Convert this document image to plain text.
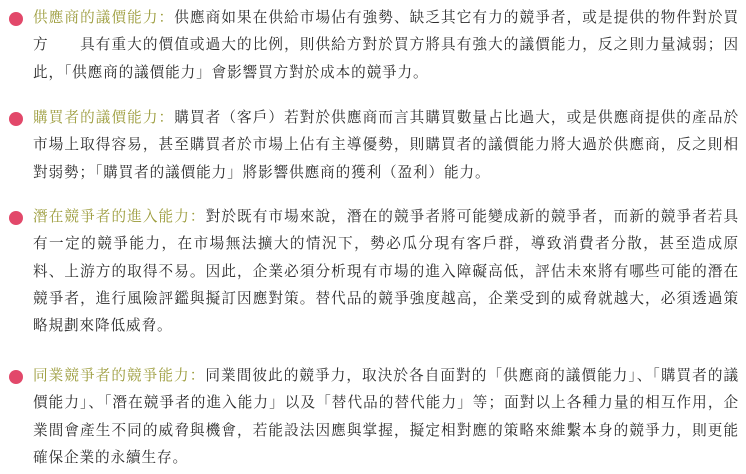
供應商的議價能力：供應商如果在供給市場佔有強勢、缺乏其它有力的競爭者，或是提供的物件對於買方　　具有重大的價值或過大的比例，則供給方對於買方將具有強大的議價能力，反之則力量減弱；因此，「供應商的議價能力」會影響買方對於成本的競爭力。

購買者的議價能力：購買者（客戶）若對於供應商而言其購買數量占比過大，或是供應商提供的產品於市場上取得容易，甚至購買者於市場上佔有主導優勢，則購買者的議價能力將大過於供應商，反之則相對弱勢；「購買者的議價能力」將影響供應商的獲利（盈利）能力。

潛在競爭者的進入能力：對於既有市場來說，潛在的競爭者將可能變成新的競爭者，而新的競爭者若具有一定的競爭能力，在市場無法擴大的情況下，勢必瓜分現有客戶群，導致消費者分散，甚至造成原料、上游方的取得不易。因此，企業必須分析現有市場的進入障礙高低，評估未來將有哪些可能的潛在競爭者，進行風險評鑑與擬訂因應對策。替代品的競爭強度越高，企業受到的威脅就越大，必須透過策略規劃來降低威脅。

同業競爭者的競爭能力：同業間彼此的競爭力，取決於各自面對的「供應商的議價能力」、「購買者的議價能力」、「潛在競爭者的進入能力」以及「替代品的替代能力」等；面對以上各種力量的相互作用，企業間會產生不同的威脅與機會，若能設法因應與掌握，擬定相對應的策略來維繫本身的競爭力，則更能確保企業的永續生存。
